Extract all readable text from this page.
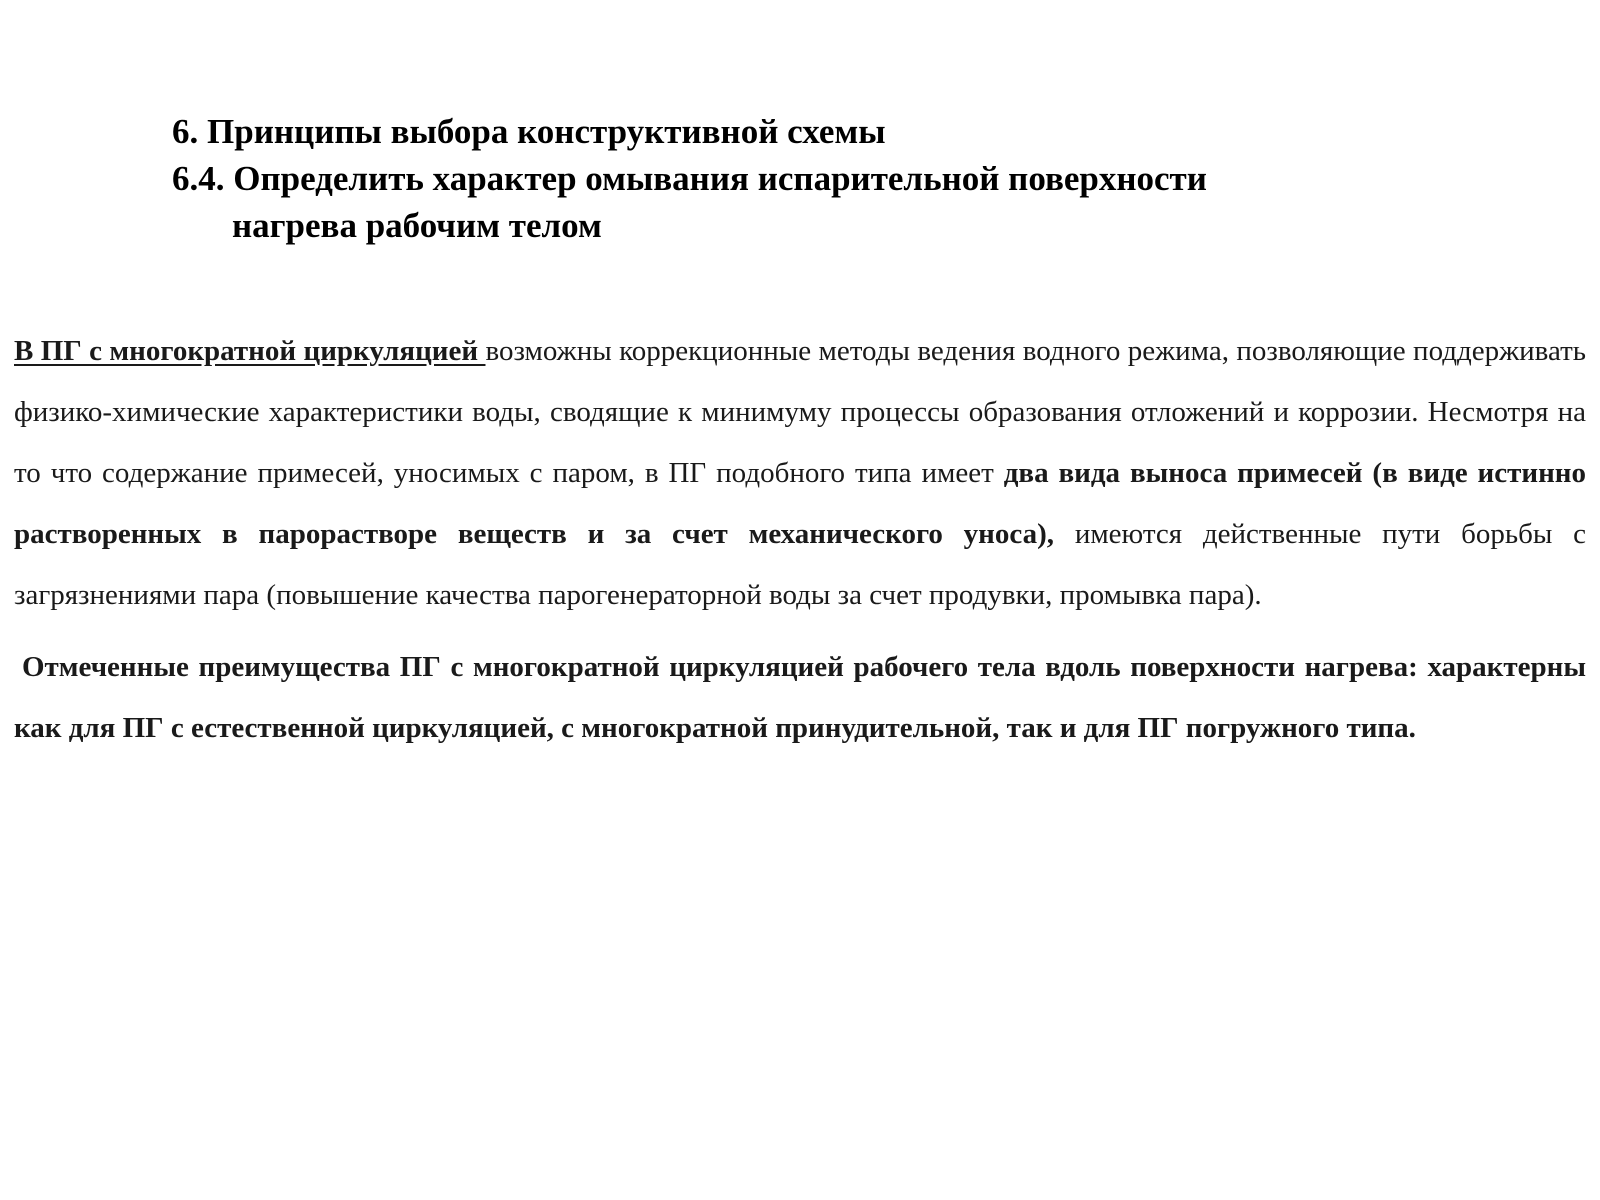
6. Принципы выбора конструктивной схемы
6.4. Определить характер омывания испарительной поверхности
нагрева рабочим телом

В ПГ с многократной циркуляцией возможны коррекционные методы ведения водного режима, позволяющие поддерживать физико-химические характеристики воды, сводящие к минимуму процессы образования отложений и коррозии. Несмотря на то что содержание примесей, уносимых с паром, в ПГ подобного типа имеет два вида выноса примесей (в виде истинно растворенных в парорастворе веществ и за счет механического уноса), имеются действенные пути борьбы с загрязнениями пара (повышение качества парогенераторной воды за счет продувки, промывка пара).

Отмеченные преимущества ПГ с многократной циркуляцией рабочего тела вдоль поверхности нагрева: характерны как для ПГ с естественной циркуляцией, с многократной принудительной, так и для ПГ погружного типа.
